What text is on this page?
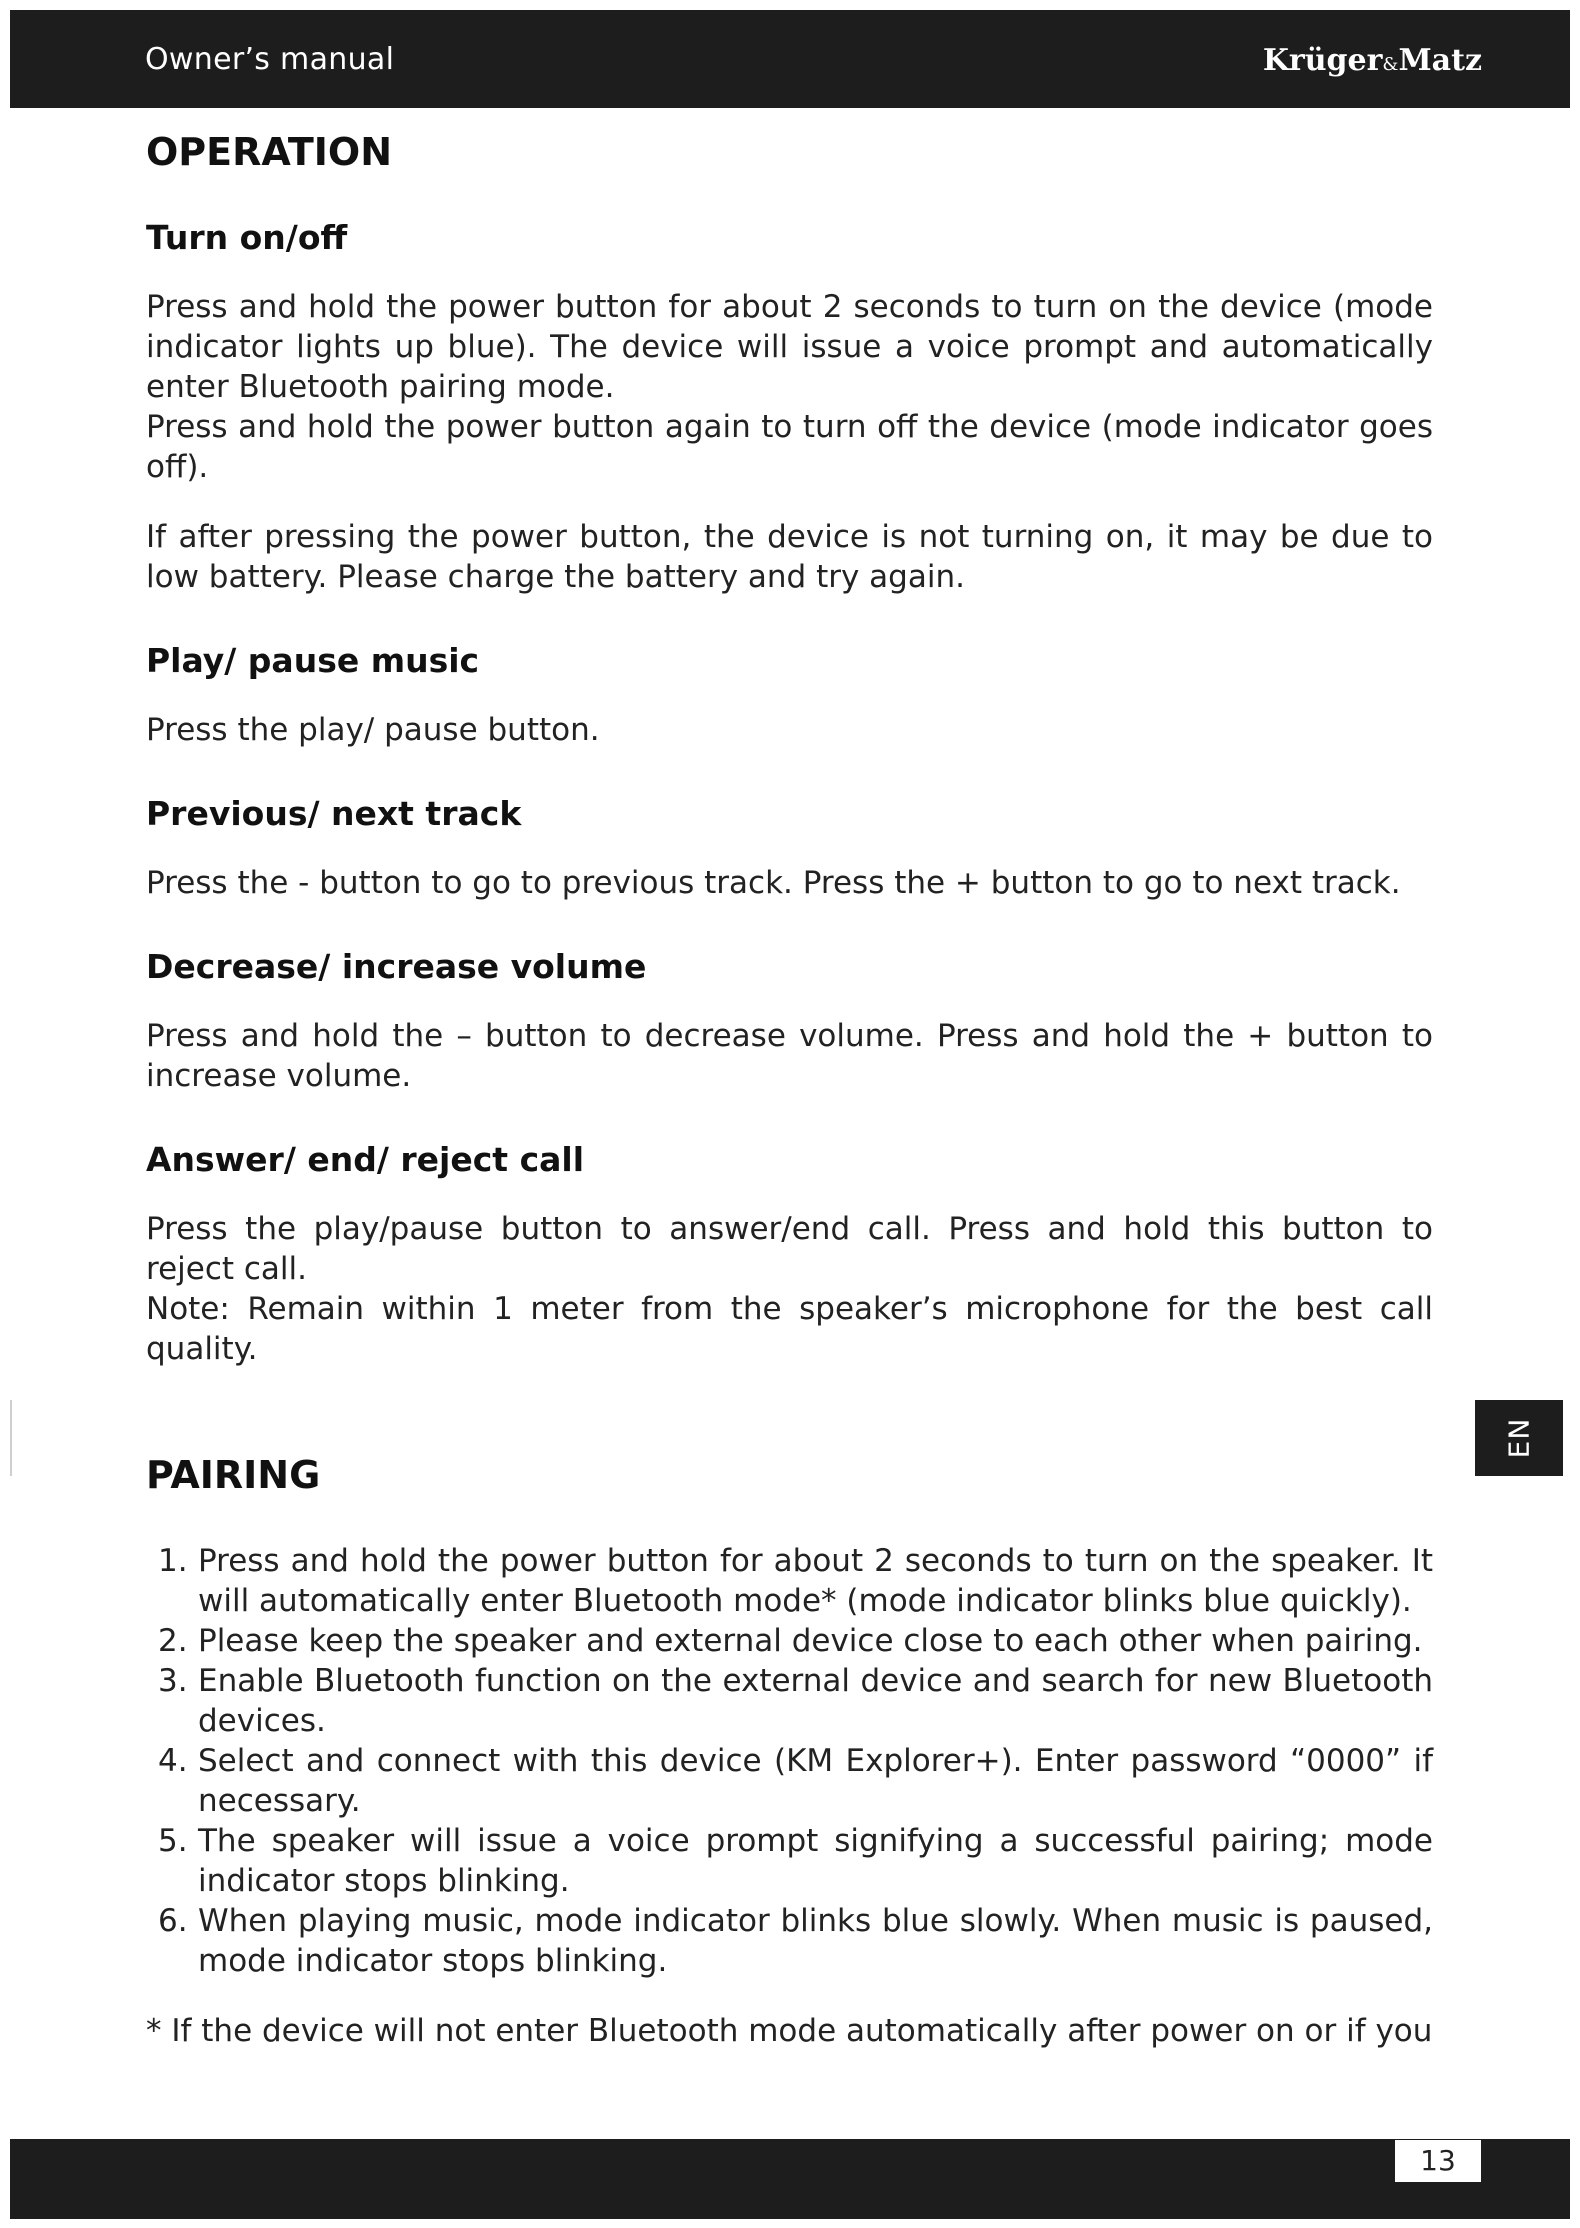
Owner’s manual	Krüger&Matz
OPERATION
Turn on/off

Press and hold the power button for about 2 seconds to turn on the device (mode indicator lights up blue). The device will issue a voice prompt and automatically enter Bluetooth pairing mode.

Press and hold the power button again to turn off the device (mode indicator goes off).

If after pressing the power button, the device is not turning on, it may be due to low battery. Please charge the battery and try again.

Play/ pause music

Press the play/ pause button.

Previous/ next track

Press the - button to go to previous track. Press the + button to go to next track.

Decrease/ increase volume

Press and hold the – button to decrease volume. Press and hold the + button to increase volume.

Answer/ end/ reject call

Press the play/pause button to answer/end call. Press and hold this button to reject call.

Note: Remain within 1 meter from the speaker’s microphone for the best call quality.

PAIRING
1. Press and hold the power button for about 2 seconds to turn on the speaker. It will automatically enter Bluetooth mode* (mode indicator blinks blue quickly).
2. Please keep the speaker and external device close to each other when pairing.
3. Enable Bluetooth function on the external device and search for new Bluetooth devices.
4. Select and connect with this device (KM Explorer+). Enter password “0000” if necessary.
5. The speaker will issue a voice prompt signifying a successful pairing; mode indicator stops blinking.
6. When playing music, mode indicator blinks blue slowly. When music is paused, mode indicator stops blinking.

* If the device will not enter Bluetooth mode automatically after power on or if you

EN
13
